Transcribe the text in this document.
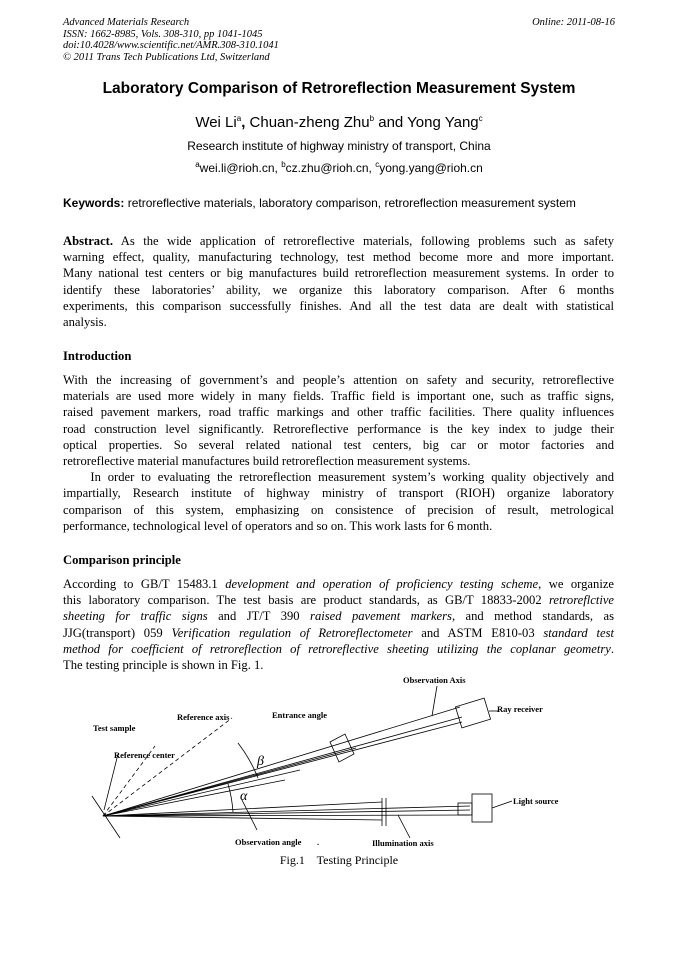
Advanced Materials Research
ISSN: 1662-8985, Vols. 308-310, pp 1041-1045
doi:10.4028/www.scientific.net/AMR.308-310.1041
© 2011 Trans Tech Publications Ltd, Switzerland
Online: 2011-08-16
Laboratory Comparison of Retroreflection Measurement System
Wei Li$^a$, Chuan-zheng Zhu$^b$ and Yong Yang$^c$
Research institute of highway ministry of transport, China
$^a$wei.li@rioh.cn, $^b$cz.zhu@rioh.cn, $^c$yong.yang@rioh.cn
Keywords: retroreflective materials, laboratory comparison, retroreflection measurement system
Abstract. As the wide application of retroreflective materials, following problems such as safety
warning effect, quality, manufacturing technology, test method become more and more important.
Many national test centers or big manufactures build retroreflection measurement systems. In order to
identify these laboratories’ ability, we organize this laboratory comparison. After 6 months
experiments, this comparison successfully finishes. And all the test data are dealt with statistical
analysis.
Introduction
With the increasing of government’s and people’s attention on safety and security, retroreflective
materials are used more widely in many fields. Traffic field is important one, such as traffic signs,
raised pavement markers, road traffic markings and other traffic facilities. There quality influences
road construction level significantly. Retroreflective performance is the key index to judge their
optical properties. So several related national test centers, big car or motor factories and
retroreflective material manufactures build retroreflection measurement systems.
In order to evaluating the retroreflection measurement system’s working quality objectively and
impartially, Research institute of highway ministry of transport (RIOH) organize laboratory
comparison of this system, emphasizing on consistence of precision of result, metrological
performance, technological level of operators and so on. This work lasts for 6 month.
Comparison principle
According to GB/T 15483.1 development and operation of proficiency testing scheme, we organize
this laboratory comparison. The test basis are product standards, as GB/T 18833-2002 retroreflctive
sheeting for traffic signs and JT/T 390 raised pavement markers, and method standards, as
JJG(transport) 059 Verification regulation of Retroreflectometer and ASTM E810-03 standard test
method for coefficient of retroreflection of retroreflective sheeting utilizing the coplanar geometry.
The testing principle is shown in Fig. 1.
Observation Axis
Ray receiver
Reference axis	Entrance angle
Test sample
Reference center
Light source
Observation angle .	Illumination axis
β
α
Fig.1    Testing Principle
